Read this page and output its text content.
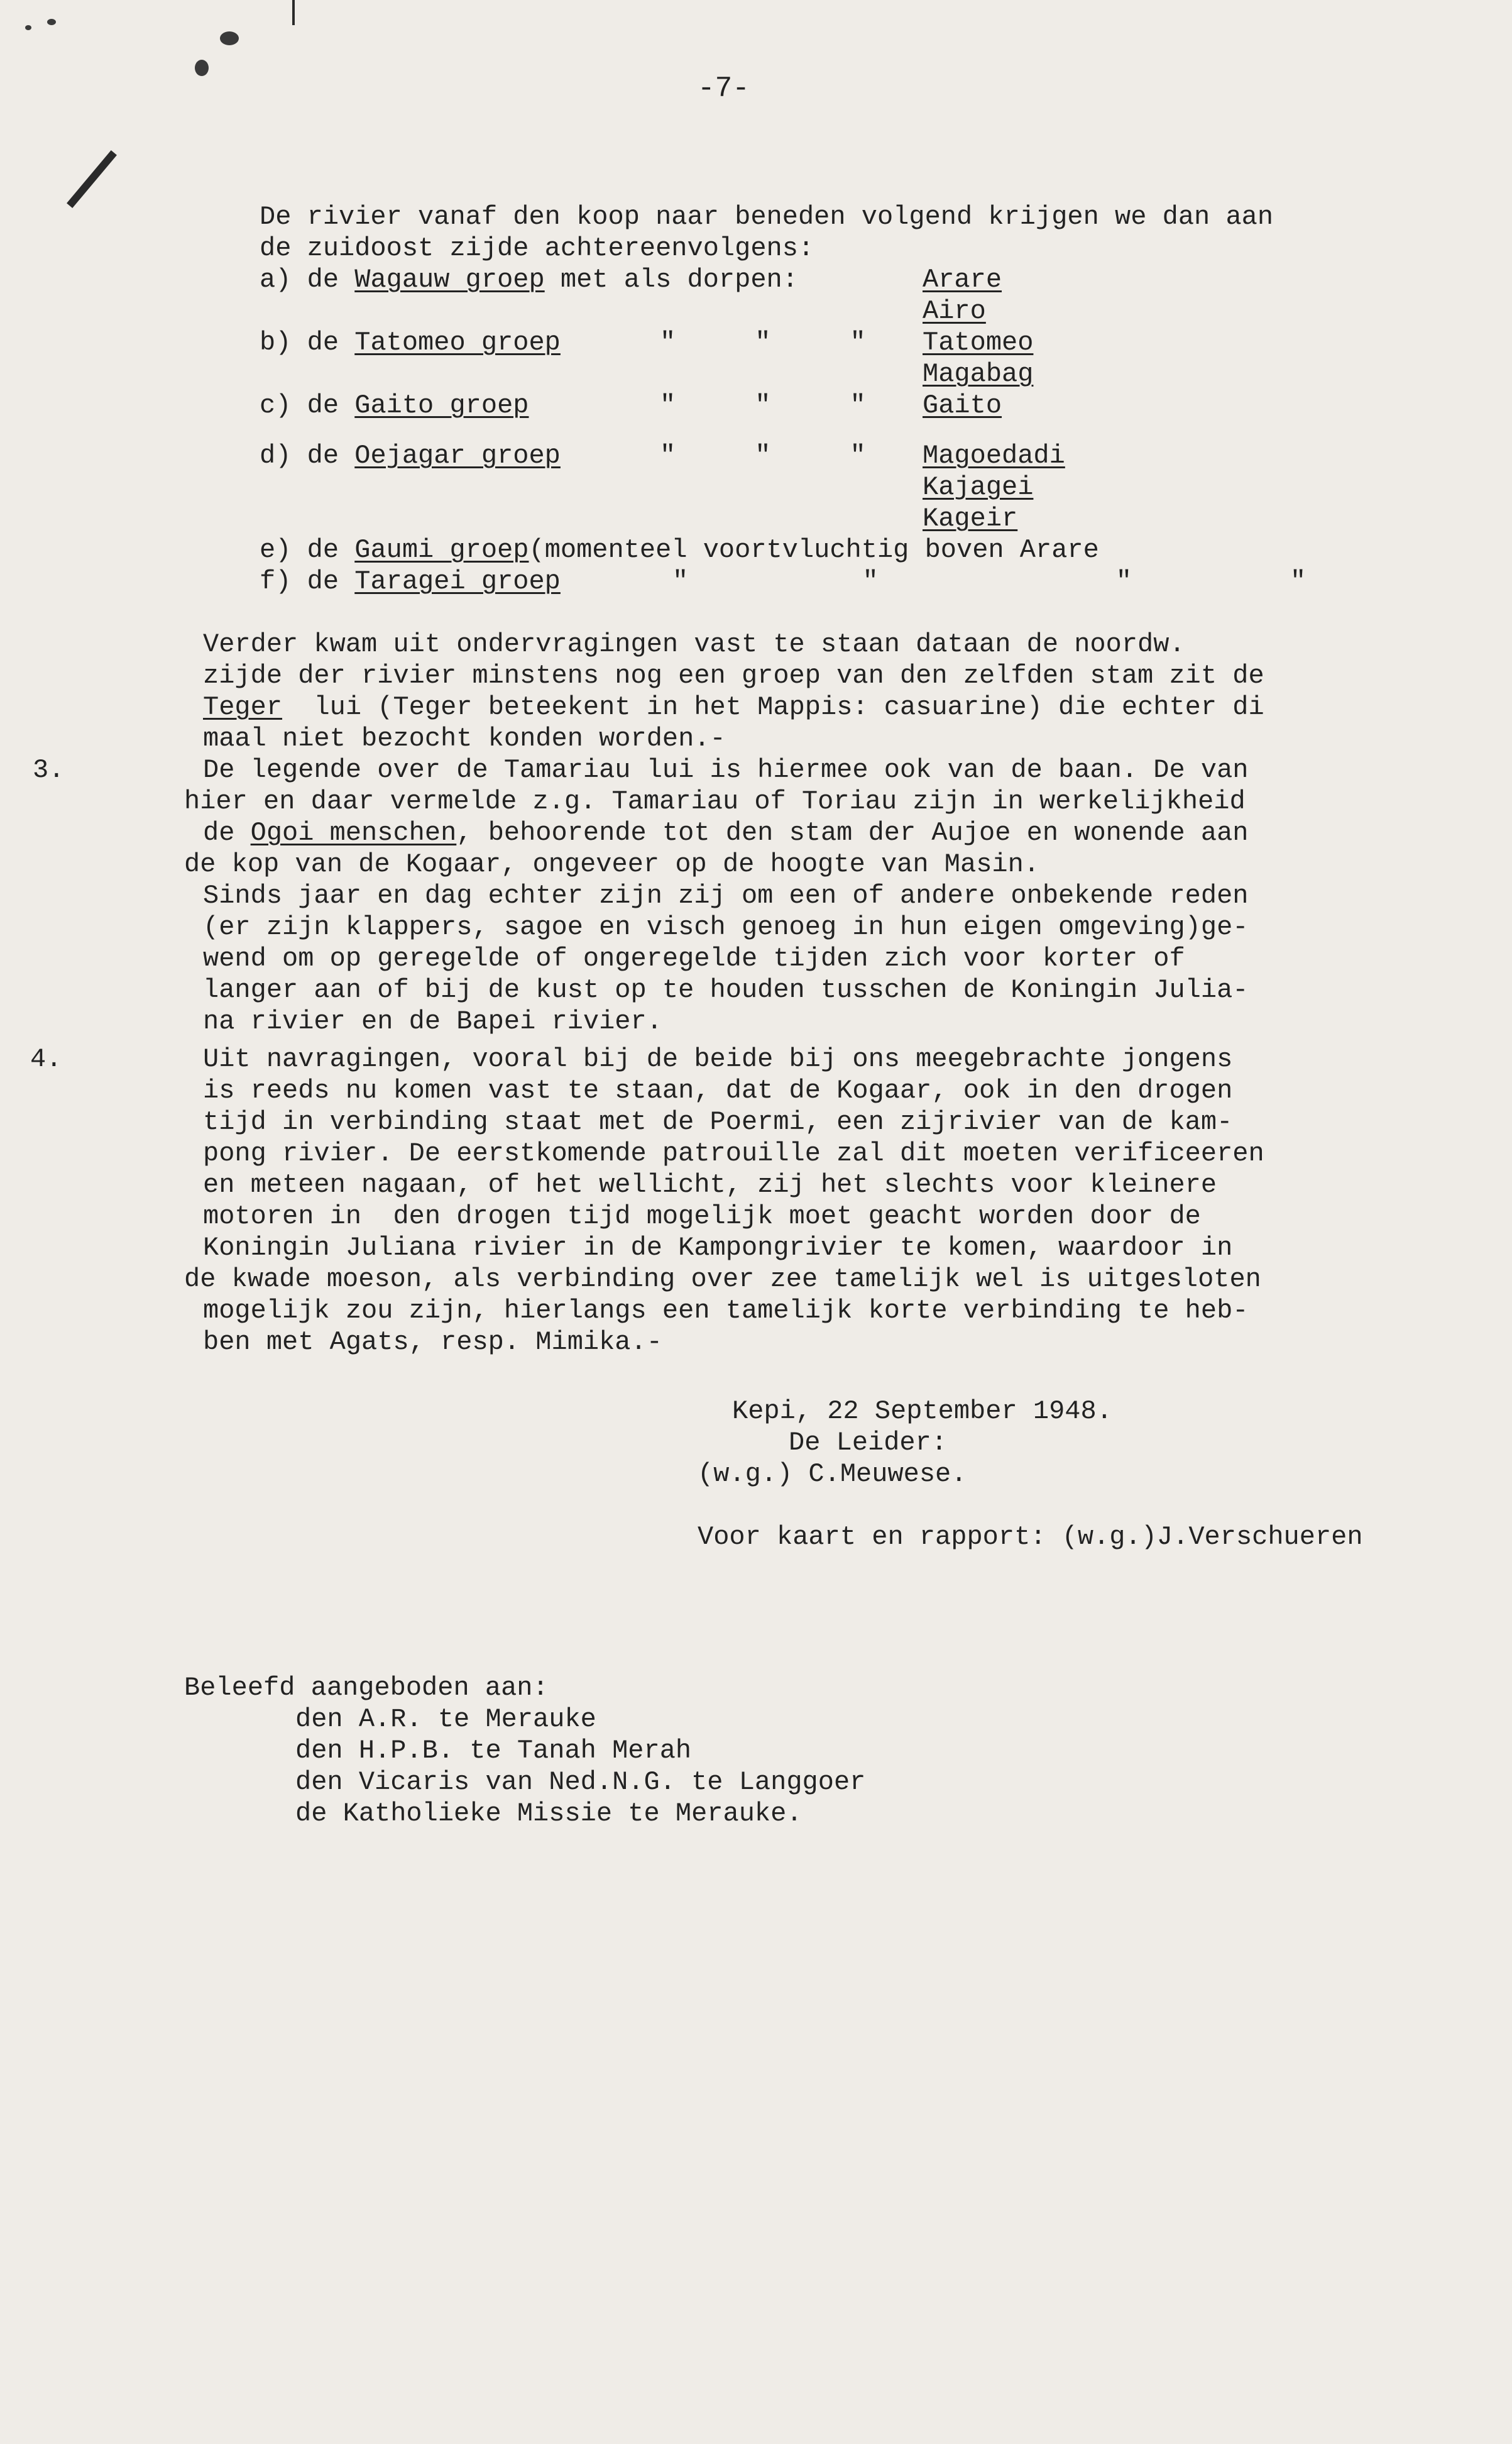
-7-
De rivier vanaf den koop naar beneden volgend krijgen we dan aan
de zuidoost zijde achtereenvolgens:
a) de Wagauw groep met als dorpen:	Arare
Airo
b) de Tatomeo groep	"     "     " Tatomeo
Magabag
c) de Gaito groep	"     "     " Gaito
d) de Oejagar groep	"     "     " Magoedadi
Kajagei
Kageir
e) de Gaumi groep(momenteel voortvluchtig boven Arare
f) de Taragei groep	"           "               "          "
Verder kwam uit ondervragingen vast te staan dataan de noordw.
zijde der rivier minstens nog een groep van den zelfden stam zit de
Teger lui (Teger beteekent in het Mappis: casuarine) die echter di
maal niet bezocht konden worden.-
3.	De legende over de Tamariau lui is hiermee ook van de baan. De van
hier en daar vermelde z.g. Tamariau of Toriau zijn in werkelijkheid
de Ogoi menschen, behoorende tot den stam der Aujoe en wonende aan
de kop van de Kogaar, ongeveer op de hoogte van Masin.
Sinds jaar en dag echter zijn zij om een of andere onbekende reden
(er zijn klappers, sagoe en visch genoeg in hun eigen omgeving)ge-
wend om op geregelde of ongeregelde tijden zich voor korter of
langer aan of bij de kust op te houden tusschen de Koningin Julia-
na rivier en de Bapei rivier.
4.	Uit navragingen, vooral bij de beide bij ons meegebrachte jongens
is reeds nu komen vast te staan, dat de Kogaar, ook in den drogen
tijd in verbinding staat met de Poermi, een zijrivier van de kam-
pong rivier. De eerstkomende patrouille zal dit moeten verificeeren
en meteen nagaan, of het wellicht, zij het slechts voor kleinere
motoren in  den drogen tijd mogelijk moet geacht worden door de
Koningin Juliana rivier in de Kampongrivier te komen, waardoor in
de kwade moeson, als verbinding over zee tamelijk wel is uitgesloten
mogelijk zou zijn, hierlangs een tamelijk korte verbinding te heb-
ben met Agats, resp. Mimika.-
Kepi, 22 September 1948.
De Leider:
(w.g.) C.Meuwese.
Voor kaart en rapport: (w.g.)J.Verschueren
Beleefd aangeboden aan:
den A.R. te Merauke
den H.P.B. te Tanah Merah
den Vicaris van Ned.N.G. te Langgoer
de Katholieke Missie te Merauke.
